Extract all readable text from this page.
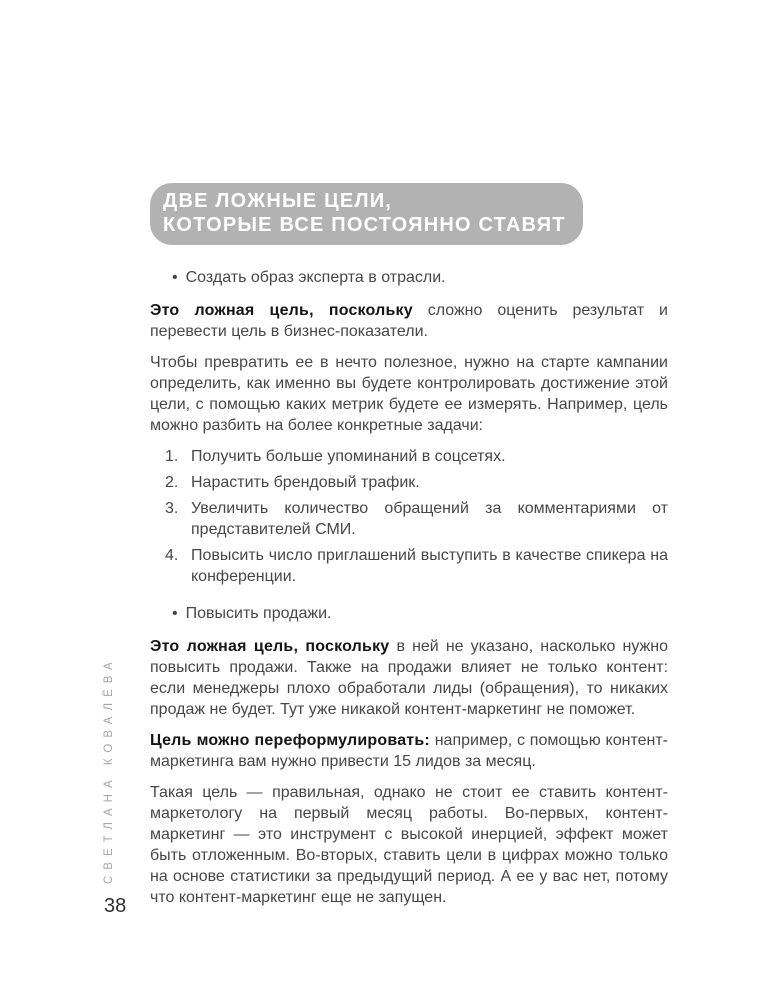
СВЕТЛАНА КОВАЛЁВА
38
ДВЕ ЛОЖНЫЕ ЦЕЛИ,
КОТОРЫЕ ВСЕ ПОСТОЯННО СТАВЯТ
• Создать образ эксперта в отрасли.

Это ложная цель, поскольку сложно оценить результат и перевести цель в бизнес-показатели.

Чтобы превратить ее в нечто полезное, нужно на старте кампании определить, как именно вы будете контролировать достижение этой цели, с помощью каких метрик будете ее измерять. Например, цель можно разбить на более конкретные задачи:

1. Получить больше упоминаний в соцсетях.
2. Нарастить брендовый трафик.
3. Увеличить количество обращений за комментариями от представителей СМИ.
4. Повысить число приглашений выступить в качестве спикера на конференции.
• Повысить продажи.

Это ложная цель, поскольку в ней не указано, насколько нужно повысить продажи. Также на продажи влияет не только контент: если менеджеры плохо обработали лиды (обращения), то никаких продаж не будет. Тут уже никакой контент-маркетинг не поможет.

Цель можно переформулировать: например, с помощью контент-маркетинга вам нужно привести 15 лидов за месяц.

Такая цель — правильная, однако не стоит ее ставить контент-маркетологу на первый месяц работы. Во-первых, контент-маркетинг — это инструмент с высокой инерцией, эффект может быть отложенным. Во-вторых, ставить цели в цифрах можно только на основе статистики за предыдущий период. А ее у вас нет, потому что контент-маркетинг еще не запущен.
